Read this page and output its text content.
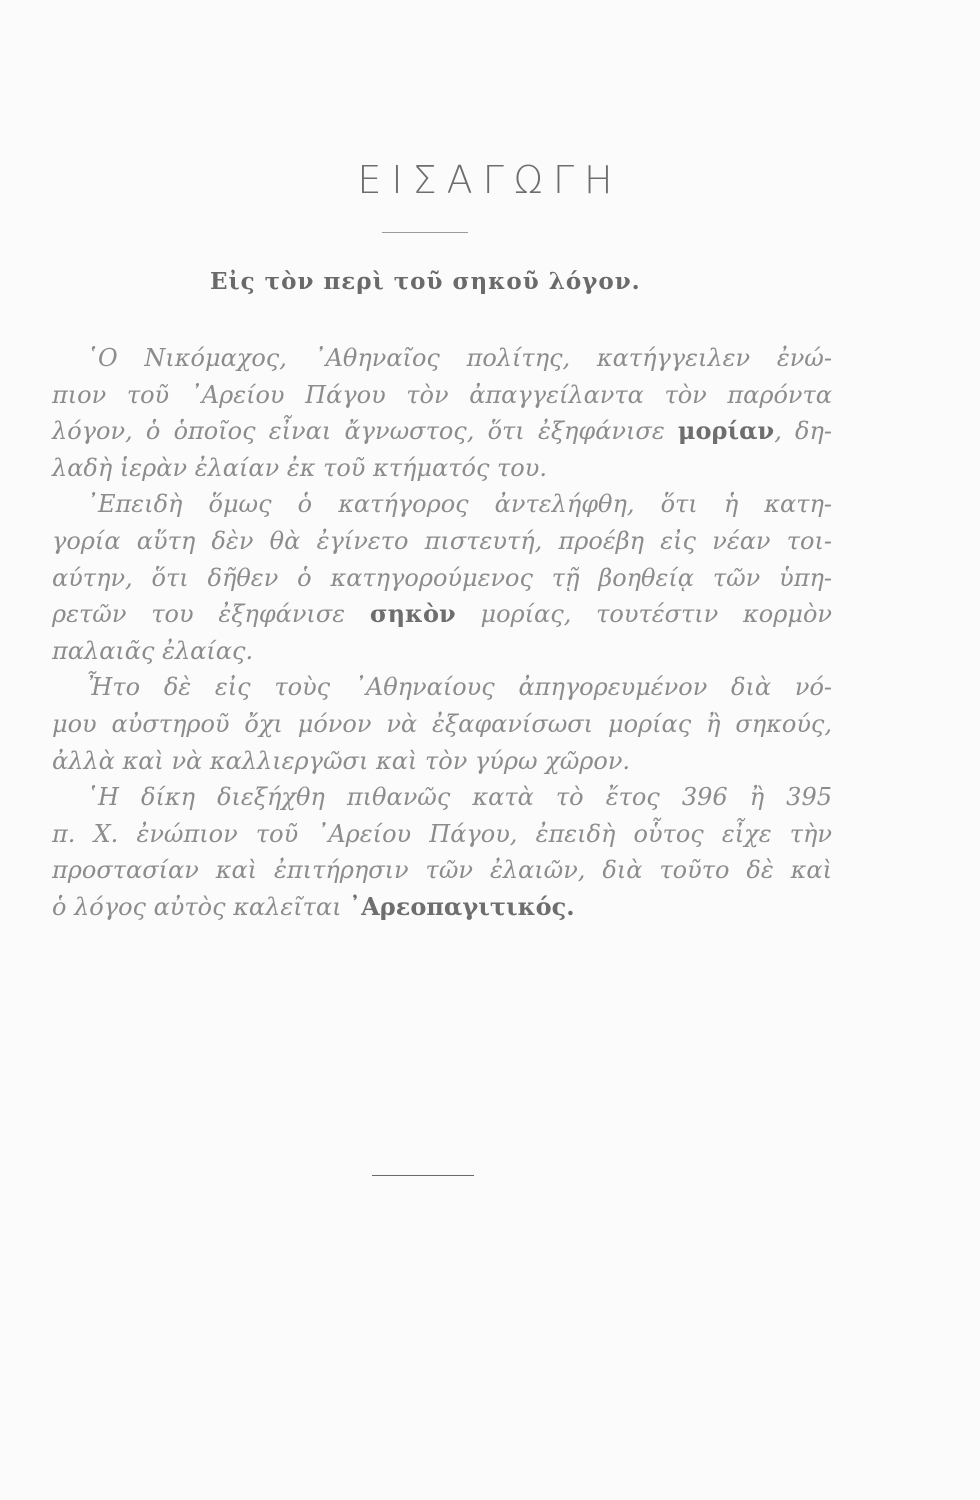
ΕΙΣΑΓΩΓΗ
Εἰς τὸν περὶ τοῦ σηκοῦ λόγον.
῾Ο Νικόμαχος, ᾿Αθηναῖος πολίτης, κατήγγειλεν ἐνώ-
πιον τοῦ ᾿Αρείου Πάγου τὸν ἀπαγγείλαντα τὸν παρόντα
λόγον, ὁ ὁποῖος εἶναι ἄγνωστος, ὅτι ἐξηφάνισε μορίαν, δη-
λαδὴ ἱερὰν ἐλαίαν ἐκ τοῦ κτήματός του.
᾿Επειδὴ ὅμως ὁ κατήγορος ἀντελήφθη, ὅτι ἡ κατη-
γορία αὕτη δὲν θὰ ἐγίνετο πιστευτή, προέβη εἰς νέαν τοι-
αύτην, ὅτι δῆθεν ὁ κατηγορούμενος τῇ βοηθείᾳ τῶν ὑπη-
ρετῶν του ἐξηφάνισε σηκὸν μορίας, τουτέστιν κορμὸν
παλαιᾶς ἐλαίας.
Ἦτο δὲ εἰς τοὺς ᾿Αθηναίους ἀπηγορευμένον διὰ νό-
μου αὐστηροῦ ὄχι μόνον νὰ ἐξαφανίσωσι μορίας ἢ σηκούς,
ἀλλὰ καὶ νὰ καλλιεργῶσι καὶ τὸν γύρω χῶρον.
῾Η δίκη διεξήχθη πιθανῶς κατὰ τὸ ἔτος 396 ἢ 395
π. Χ. ἐνώπιον τοῦ ᾿Αρείου Πάγου, ἐπειδὴ οὗτος εἶχε τὴν
προστασίαν καὶ ἐπιτήρησιν τῶν ἐλαιῶν, διὰ τοῦτο δὲ καὶ
ὁ λόγος αὐτὸς καλεῖται ᾿Αρεοπαγιτικός.
